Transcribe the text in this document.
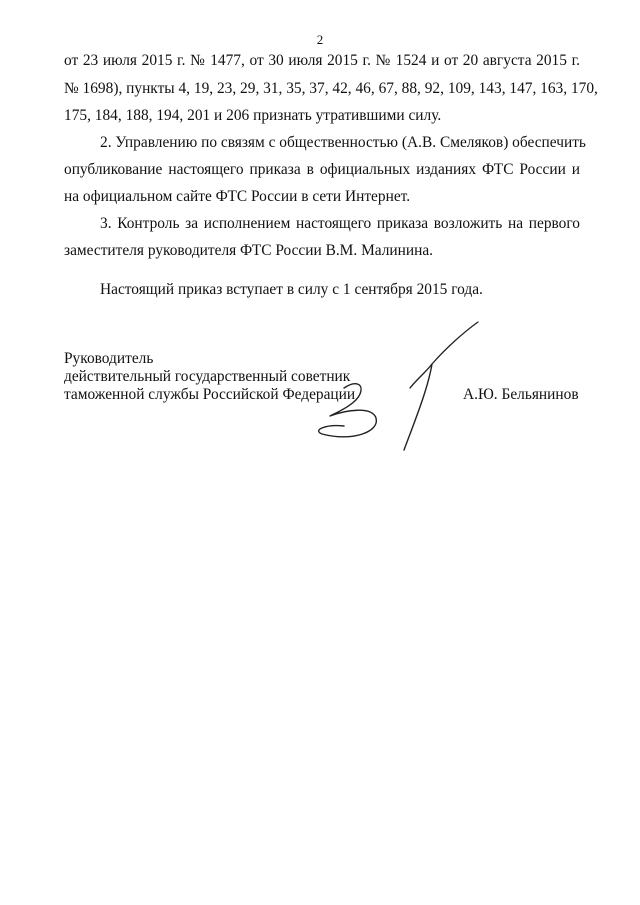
2
от 23 июля 2015 г. № 1477, от 30 июля 2015 г. № 1524 и от 20 августа 2015 г.
№ 1698), пункты 4, 19, 23, 29, 31, 35, 37, 42, 46, 67, 88, 92, 109, 143, 147, 163, 170,
175, 184, 188, 194, 201 и 206 признать утратившими силу.
2. Управлению по связям с общественностью (А.В. Смеляков) обеспечить
опубликование настоящего приказа в официальных изданиях ФТС России и
на официальном сайте ФТС России в сети Интернет.
3. Контроль за исполнением настоящего приказа возложить на первого
заместителя руководителя ФТС России В.М. Малинина.
Настоящий приказ вступает в силу с 1 сентября 2015 года.
Руководитель
действительный государственный советник
таможенной службы Российской Федерации	А.Ю. Бельянинов
